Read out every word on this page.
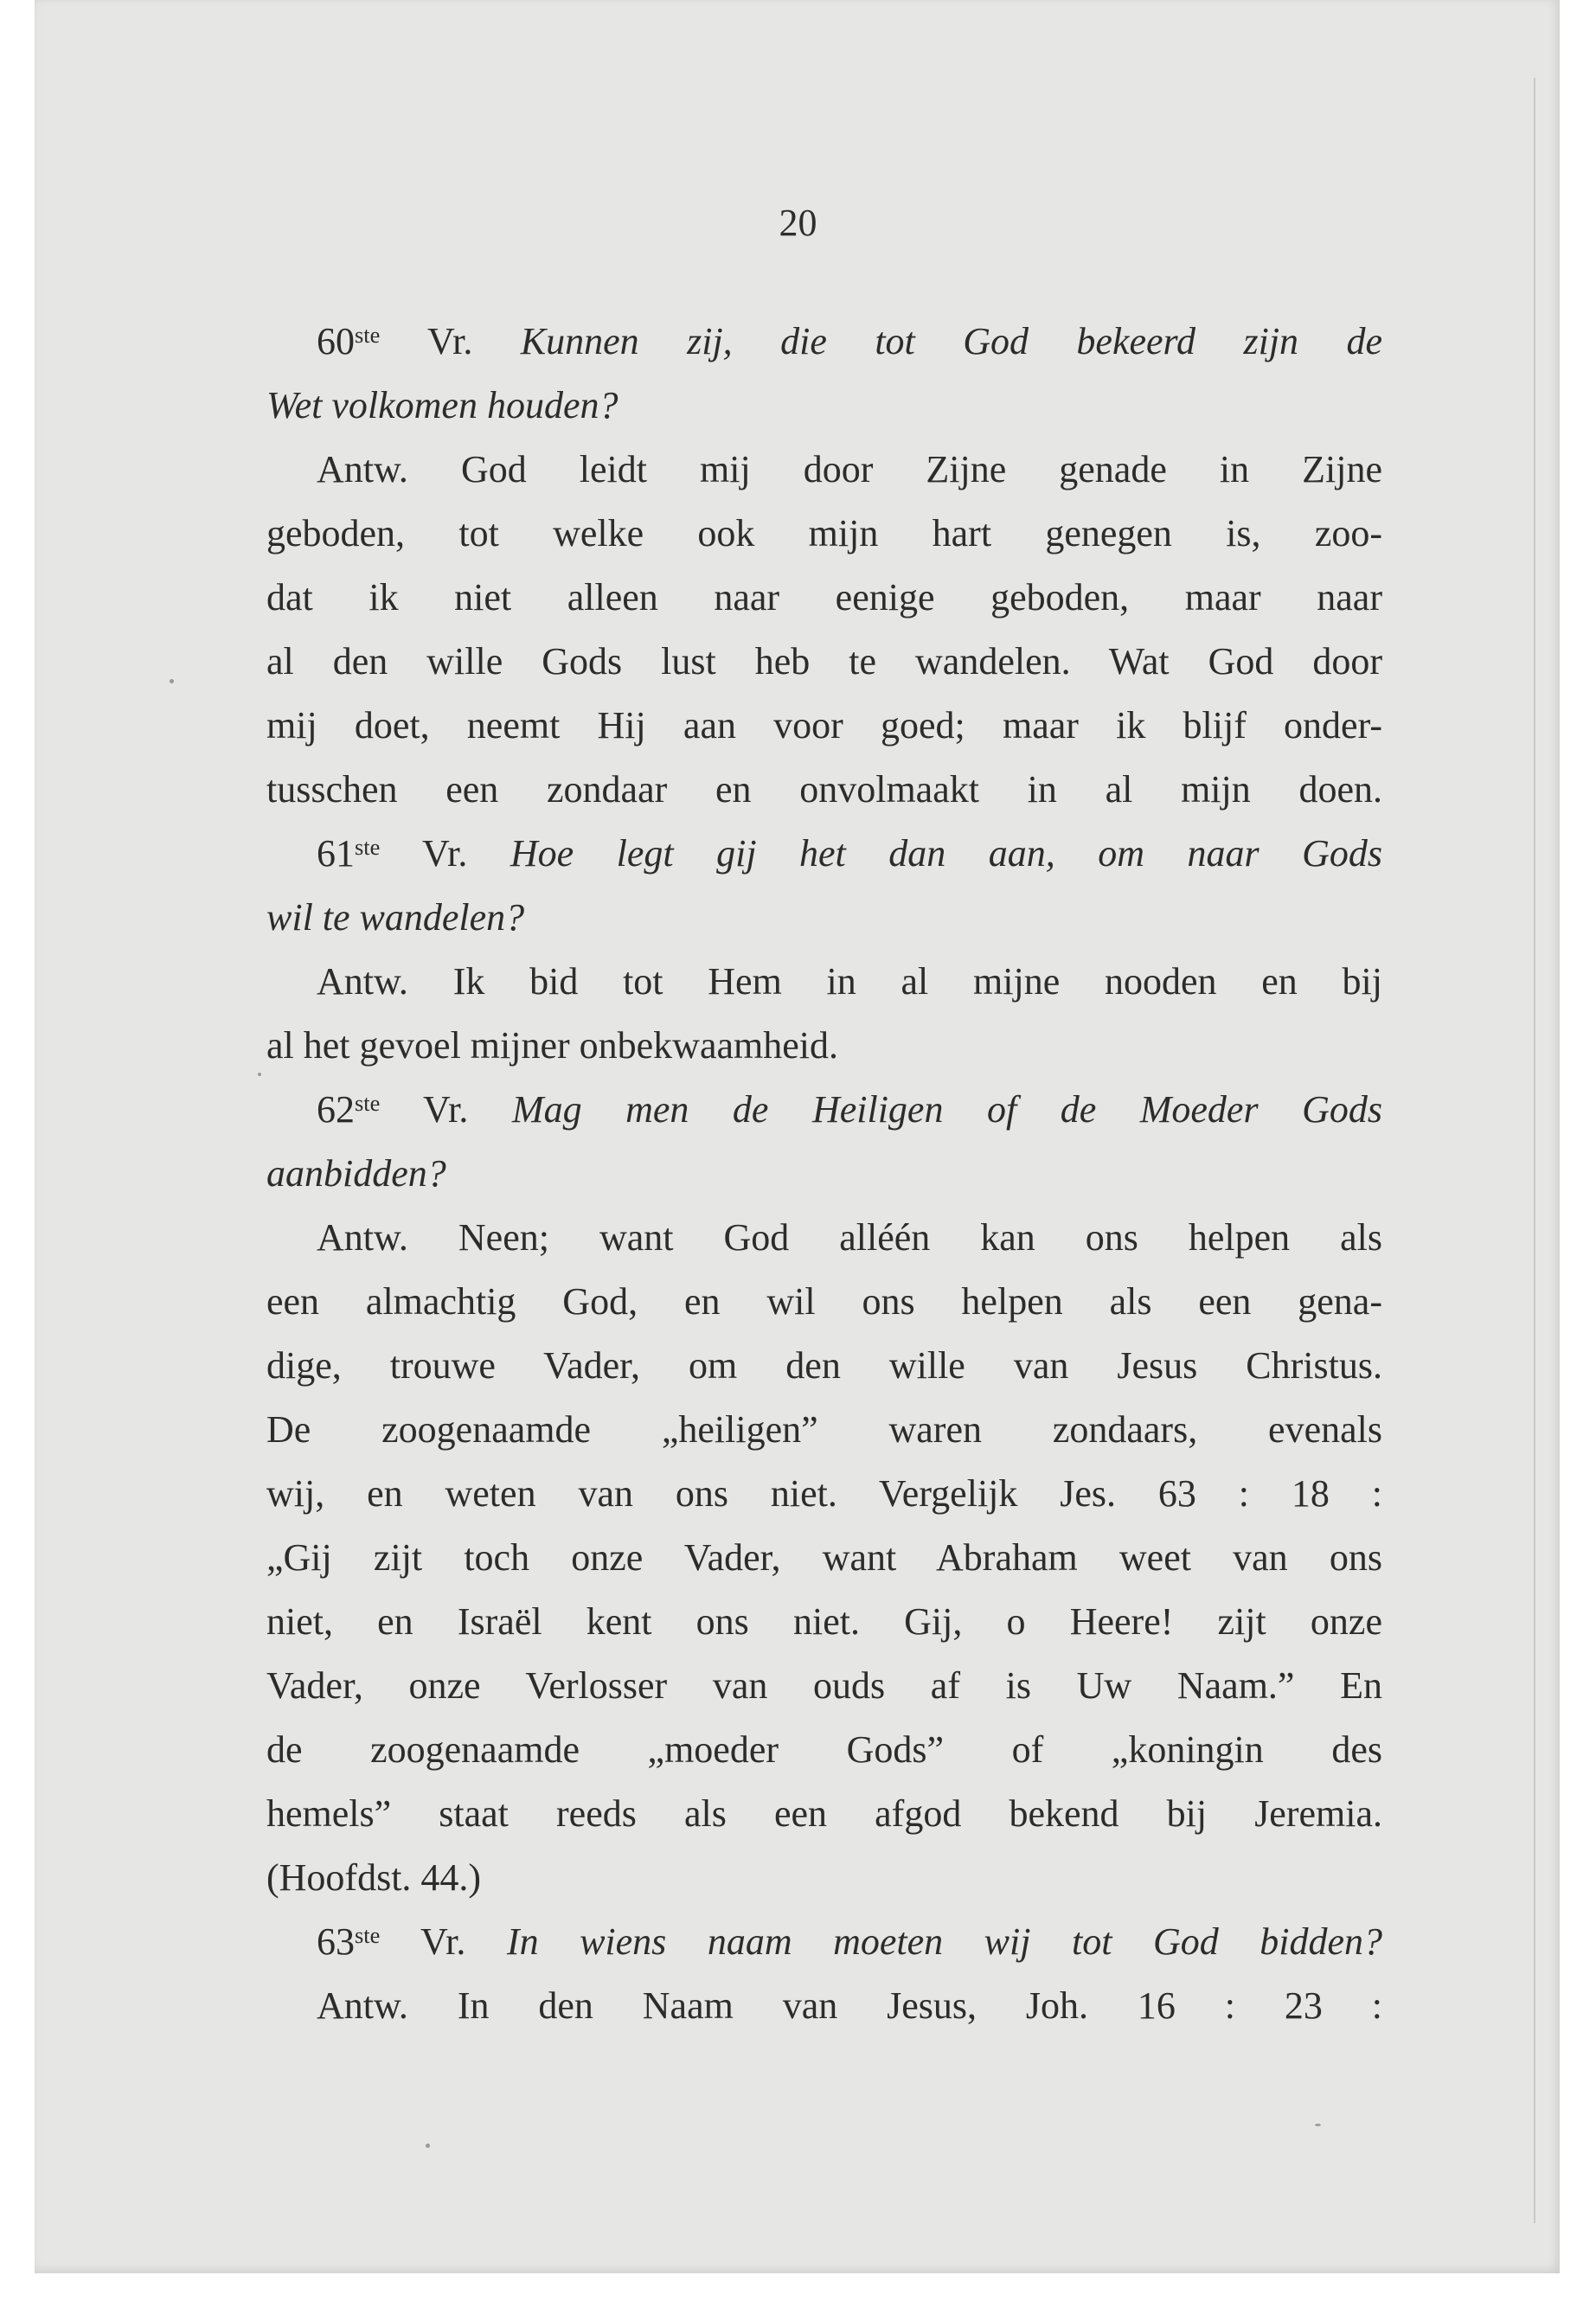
20
60ste Vr. Kunnen zij, die tot God bekeerd zijn de
Wet volkomen houden?
Antw. God leidt mij door Zijne genade in Zijne
geboden, tot welke ook mijn hart genegen is, zoo-
dat ik niet alleen naar eenige geboden, maar naar
al den wille Gods lust heb te wandelen. Wat God door
mij doet, neemt Hij aan voor goed; maar ik blijf onder-
tusschen een zondaar en onvolmaakt in al mijn doen.
61ste Vr. Hoe legt gij het dan aan, om naar Gods
wil te wandelen?
Antw. Ik bid tot Hem in al mijne nooden en bij
al het gevoel mijner onbekwaamheid.
62ste Vr. Mag men de Heiligen of de Moeder Gods
aanbidden?
Antw. Neen; want God alléén kan ons helpen als
een almachtig God, en wil ons helpen als een gena-
dige, trouwe Vader, om den wille van Jesus Christus.
De zoogenaamde „heiligen” waren zondaars, evenals
wij, en weten van ons niet. Vergelijk Jes. 63 : 18 :
„Gij zijt toch onze Vader, want Abraham weet van ons
niet, en Israël kent ons niet. Gij, o Heere! zijt onze
Vader, onze Verlosser van ouds af is Uw Naam.” En
de zoogenaamde „moeder Gods” of „koningin des
hemels” staat reeds als een afgod bekend bij Jeremia.
(Hoofdst. 44.)
63ste Vr. In wiens naam moeten wij tot God bidden?
Antw. In den Naam van Jesus, Joh. 16 : 23 :
